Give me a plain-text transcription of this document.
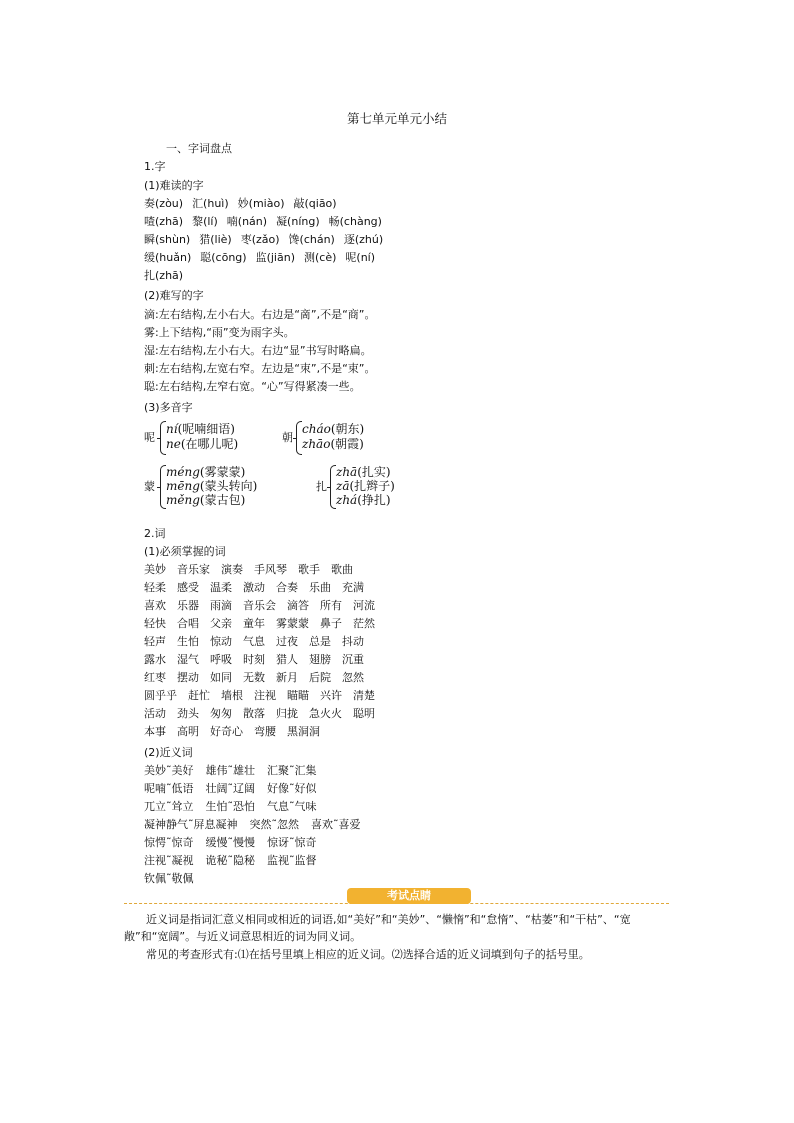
第七单元单元小结
一、字词盘点
1.字
(1)难读的字
奏(zòu) 汇(huì) 妙(miào) 敲(qiāo)
喳(zhā) 黎(lí) 喃(nán) 凝(níng) 畅(chàng)
瞬(shùn) 猎(liè) 枣(zǎo) 馋(chán) 逐(zhú)
缓(huǎn) 聪(cōng) 监(jiān) 测(cè) 呢(ní)
扎(zhā)
(2)难写的字
滴:左右结构,左小右大。右边是“啇”,不是“商”。
雾:上下结构,“雨”变为雨字头。
湿:左右结构,左小右大。右边“显”书写时略扁。
刺:左右结构,左宽右窄。左边是“朿”,不是“束”。
聪:左右结构,左窄右宽。“心”写得紧凑一些。
(3)多音字
呢
ní(呢喃细语)
ne(在哪儿呢)	朝
cháo(朝东)
zhāo(朝霞)
蒙
méng(雾蒙蒙)
mēng(蒙头转向)
měng(蒙古包)
扎
zhā(扎实)
zā(扎辫子)
zhá(挣扎)
2.词
(1)必须掌握的词
美妙 音乐家 演奏 手风琴 歌手 歌曲
轻柔 感受 温柔 激动 合奏 乐曲 充满
喜欢 乐器 雨滴 音乐会 滴答 所有 河流
轻快 合唱 父亲 童年 雾蒙蒙 鼻子 茫然
轻声 生怕 惊动 气息 过夜 总是 抖动
露水 湿气 呼吸 时刻 猎人 翅膀 沉重
红枣 摆动 如同 无数 新月 后院 忽然
圆乎乎 赶忙 墙根 注视 瞄瞄 兴许 清楚
活动 劲头 匆匆 散落 归拢 急火火 聪明
本事 高明 好奇心 弯腰 黑洞洞
(2)近义词
美妙˜美好 雄伟˜雄壮 汇聚˜汇集
呢喃˜低语 壮阔˜辽阔 好像˜好似
兀立˜耸立 生怕˜恐怕 气息˜气味
凝神静气˜屏息凝神 突然˜忽然 喜欢˜喜爱
惊愕˜惊奇 缓慢˜慢慢 惊讶˜惊奇
注视˜凝视 诡秘˜隐秘 监视˜监督
钦佩˜敬佩
考试点睛
近义词是指词汇意义相同或相近的词语,如“美好”和“美妙”、“懒惰”和“怠惰”、“枯萎”和“干枯”、“宽敞”和“宽阔”。与近义词意思相近的词为同义词。
常见的考查形式有:⑴在括号里填上相应的近义词。⑵选择合适的近义词填到句子的括号里。
